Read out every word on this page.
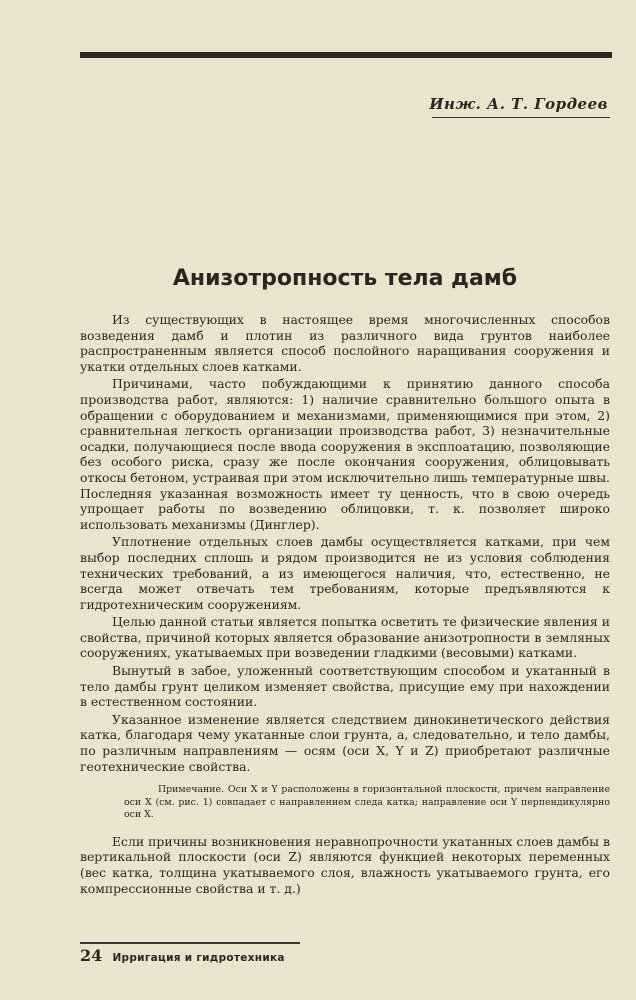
Инж. А. Т. Гордеев
Анизотропность тела дамб

Из существующих в настоящее время многочисленных способов возведения дамб и плотин из различного вида грунтов наиболее распространенным является способ послойного наращивания сооружения и укатки отдельных слоев катками.

Причинами, часто побуждающими к принятию данного способа производства работ, являются: 1) наличие сравнительно большого опыта в обращении с оборудованием и механизмами, применяющимися при этом, 2) сравнительная легкость организации производства работ, 3) незначительные осадки, получающиеся после ввода сооружения в эксплоатацию, позволяющие без особого риска, сразу же после окончания сооружения, облицовывать откосы бетоном, устраивая при этом исключительно лишь температурные швы. Последняя указанная возможность имеет ту ценность, что в свою очередь упрощает работы по возведению облицовки, т. к. позволяет широко использовать механизмы (Динглер).

Уплотнение отдельных слоев дамбы осуществляется катками, при чем выбор последних сплошь и рядом производится не из условия соблюдения технических требований, а из имеющегося наличия, что, естественно, не всегда может отвечать тем требованиям, которые предъявляются к гидротехническим сооружениям.

Целью данной статьи является попытка осветить те физические явления и свойства, причиной которых является образование анизотропности в земляных сооружениях, укатываемых при возведении гладкими (весовыми) катками.

Вынутый в забое, уложенный соответствующим способом и укатанный в тело дамбы грунт целиком изменяет свойства, присущие ему при нахождении в естественном состоянии.

Указанное изменение является следствием динокинетического действия катка, благодаря чему укатанные слои грунта, а, следовательно, и тело дамбы, по различным направлениям — осям (оси X, Y и Z) приобретают различные геотехнические свойства.

Примечание. Оси X и Y расположены в горизонтальной плоскости, причем направление оси X (см. рис. 1) совпадает с направлением следа катка; направление оси Y перпендикулярно оси X.

Если причины возникновения неравнопрочности укатанных слоев дамбы в вертикальной плоскости (оси Z) являются функцией некоторых переменных (вес катка, толщина укатываемого слоя, влажность укатываемого грунта, его компрессионные свойства и т. д.)

24 Ирригация и гидротехника
